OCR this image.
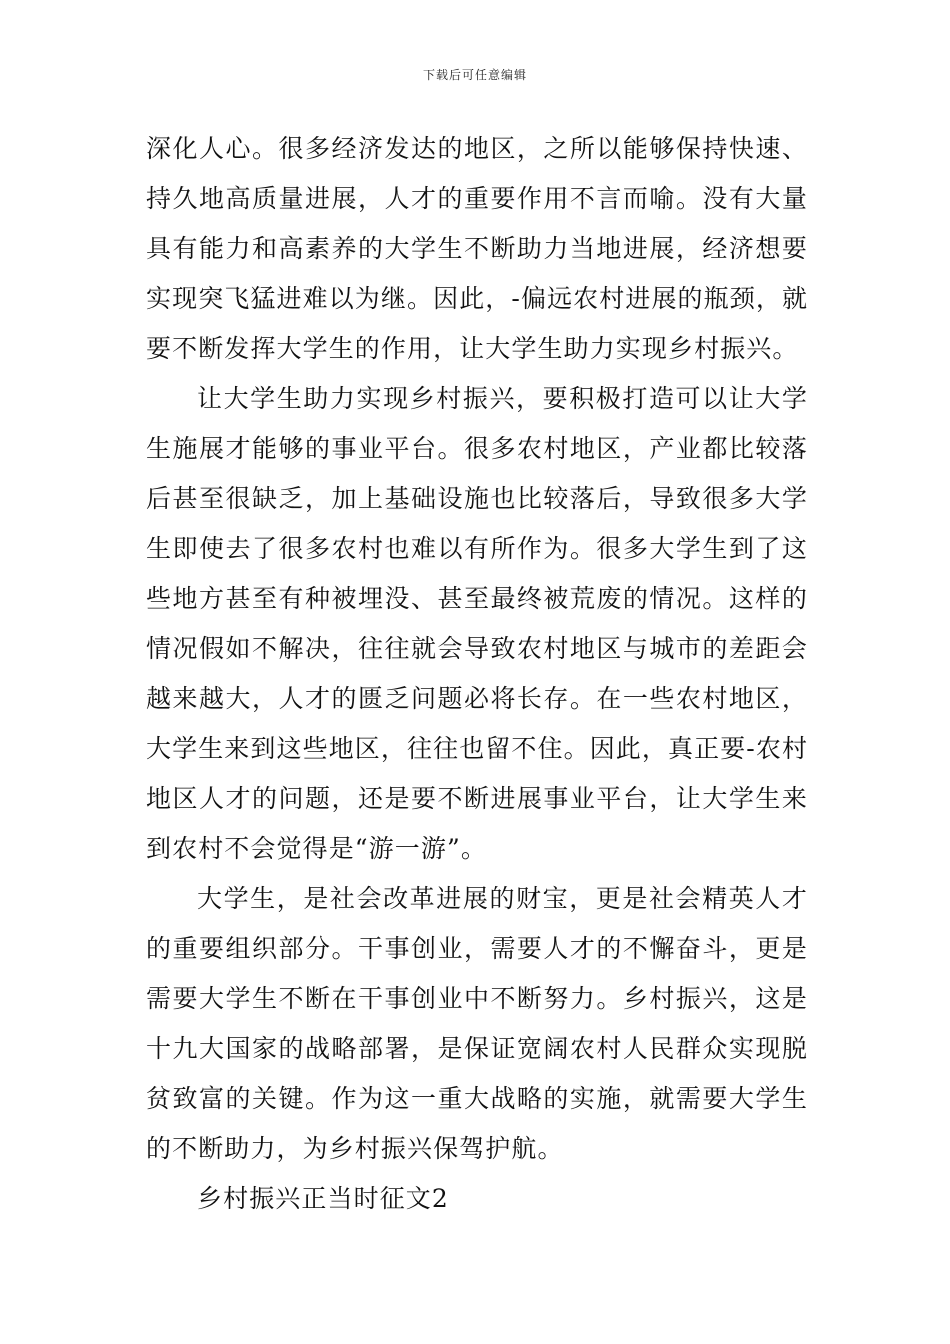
下载后可任意编辑
深化人心。很多经济发达的地区，之所以能够保持快速、
持久地高质量进展，人才的重要作用不言而喻。没有大量
具有能力和高素养的大学生不断助力当地进展，经济想要
实现突飞猛进难以为继。因此，-偏远农村进展的瓶颈，就
要不断发挥大学生的作用，让大学生助力实现乡村振兴。
让大学生助力实现乡村振兴，要积极打造可以让大学
生施展才能够的事业平台。很多农村地区，产业都比较落
后甚至很缺乏，加上基础设施也比较落后，导致很多大学
生即使去了很多农村也难以有所作为。很多大学生到了这
些地方甚至有种被埋没、甚至最终被荒废的情况。这样的
情况假如不解决，往往就会导致农村地区与城市的差距会
越来越大，人才的匮乏问题必将长存。在一些农村地区，
大学生来到这些地区，往往也留不住。因此，真正要-农村
地区人才的问题，还是要不断进展事业平台，让大学生来
到农村不会觉得是“游一游”。
大学生，是社会改革进展的财宝，更是社会精英人才
的重要组织部分。干事创业，需要人才的不懈奋斗，更是
需要大学生不断在干事创业中不断努力。乡村振兴，这是
十九大国家的战略部署，是保证宽阔农村人民群众实现脱
贫致富的关键。作为这一重大战略的实施，就需要大学生
的不断助力，为乡村振兴保驾护航。
乡村振兴正当时征文2
